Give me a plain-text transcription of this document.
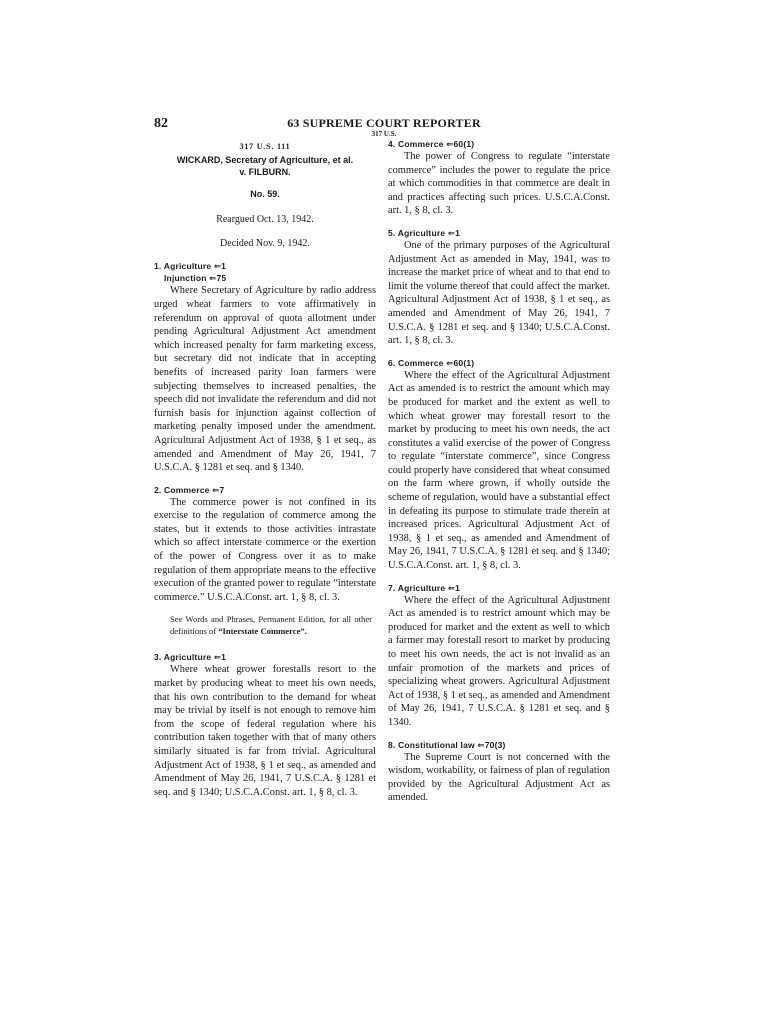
82	63 SUPREME COURT REPORTER
317 U.S.
317 U.S. 111
WICKARD, Secretary of Agriculture, et al.
v. FILBURN.
No. 59.
Reargued Oct. 13, 1942.
Decided Nov. 9, 1942.
1. Agriculture ⇐1
Injunction ⇐75
Where Secretary of Agriculture by radio address urged wheat farmers to vote affirmatively in referendum on approval of quota allotment under pending Agricultural Adjustment Act amendment which increased penalty for farm marketing excess, but secretary did not indicate that in accepting benefits of increased parity loan farmers were subjecting themselves to increased penalties, the speech did not invalidate the referendum and did not furnish basis for injunction against collection of marketing penalty imposed under the amendment. Agricultural Adjustment Act of 1938, § 1 et seq., as amended and Amendment of May 26, 1941, 7 U.S.C.A. § 1281 et seq. and § 1340.
2. Commerce ⇐7
The commerce power is not confined in its exercise to the regulation of commerce among the states, but it extends to those activities intrastate which so affect interstate commerce or the exertion of the power of Congress over it as to make regulation of them appropriate means to the effective execution of the granted power to regulate “interstate commerce.” U.S.C.A.Const. art. 1, § 8, cl. 3.
See Words and Phrases, Permanent Edition, for all other definitions of “Interstate Commerce”.
3. Agriculture ⇐1
Where wheat grower forestalls resort to the market by producing wheat to meet his own needs, that his own contribution to the demand for wheat may be trivial by itself is not enough to remove him from the scope of federal regulation where his contribution taken together with that of many others similarly situated is far from trivial. Agricultural Adjustment Act of 1938, § 1 et seq., as amended and Amendment of May 26, 1941, 7 U.S.C.A. § 1281 et seq. and § 1340; U.S.C.A.Const. art. 1, § 8, cl. 3.
4. Commerce ⇐60(1)
The power of Congress to regulate “interstate commerce” includes the power to regulate the price at which commodities in that commerce are dealt in and practices affecting such prices. U.S.C.A.Const. art. 1, § 8, cl. 3.
5. Agriculture ⇐1
One of the primary purposes of the Agricultural Adjustment Act as amended in May, 1941, was to increase the market price of wheat and to that end to limit the volume thereof that could affect the market. Agricultural Adjustment Act of 1938, § 1 et seq., as amended and Amendment of May 26, 1941, 7 U.S.C.A. § 1281 et seq. and § 1340; U.S.C.A.Const. art. 1, § 8, cl. 3.
6. Commerce ⇐60(1)
Where the effect of the Agricultural Adjustment Act as amended is to restrict the amount which may be produced for market and the extent as well to which wheat grower may forestall resort to the market by producing to meet his own needs, the act constitutes a valid exercise of the power of Congress to regulate “interstate commerce”, since Congress could properly have considered that wheat consumed on the farm where grown, if wholly outside the scheme of regulation, would have a substantial effect in defeating its purpose to stimulate trade therein at increased prices. Agricultural Adjustment Act of 1938, § 1 et seq., as amended and Amendment of May 26, 1941, 7 U.S.C.A. § 1281 et seq. and § 1340; U.S.C.A.Const. art. 1, § 8, cl. 3.
7. Agriculture ⇐1
Where the effect of the Agricultural Adjustment Act as amended is to restrict amount which may be produced for market and the extent as well to which a farmer may forestall resort to market by producing to meet his own needs, the act is not invalid as an unfair promotion of the markets and prices of specializing wheat growers. Agricultural Adjustment Act of 1938, § 1 et seq., as amended and Amendment of May 26, 1941, 7 U.S.C.A. § 1281 et seq. and § 1340.
8. Constitutional law ⇐70(3)
The Supreme Court is not concerned with the wisdom, workability, or fairness of plan of regulation provided by the Agricultural Adjustment Act as amended.
